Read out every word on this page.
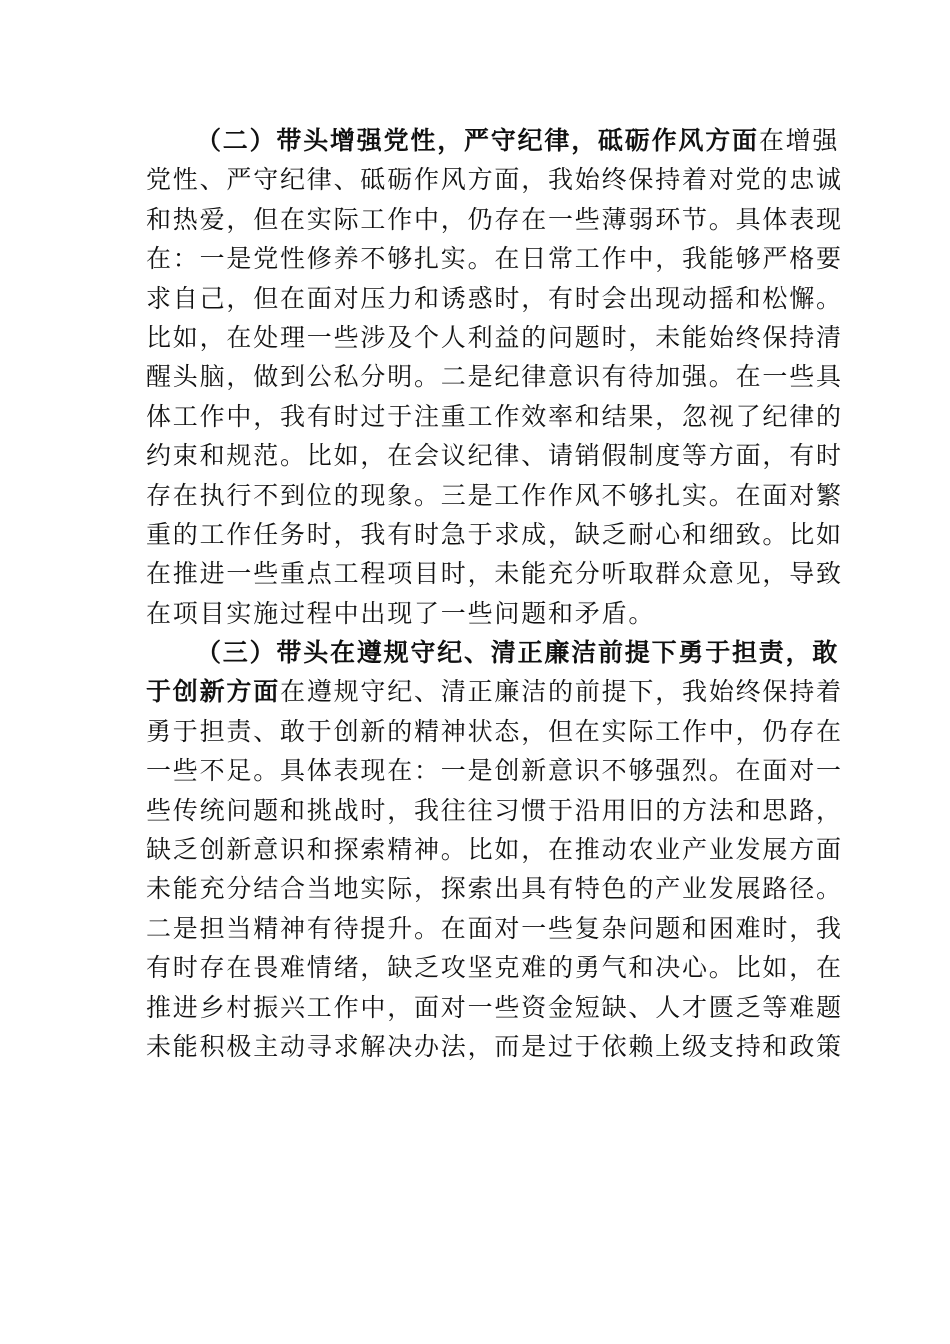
（二）带头增强党性，严守纪律，砥砺作风方面在增强
党性、严守纪律、砥砺作风方面，我始终保持着对党的忠诚
和热爱，但在实际工作中，仍存在一些薄弱环节。具体表现
在：一是党性修养不够扎实。在日常工作中，我能够严格要
求自己，但在面对压力和诱惑时，有时会出现动摇和松懈。
比如，在处理一些涉及个人利益的问题时，未能始终保持清
醒头脑，做到公私分明。二是纪律意识有待加强。在一些具
体工作中，我有时过于注重工作效率和结果，忽视了纪律的
约束和规范。比如，在会议纪律、请销假制度等方面，有时
存在执行不到位的现象。三是工作作风不够扎实。在面对繁
重的工作任务时，我有时急于求成，缺乏耐心和细致。比如
在推进一些重点工程项目时，未能充分听取群众意见，导致
在项目实施过程中出现了一些问题和矛盾。
（三）带头在遵规守纪、清正廉洁前提下勇于担责，敢
于创新方面在遵规守纪、清正廉洁的前提下，我始终保持着
勇于担责、敢于创新的精神状态，但在实际工作中，仍存在
一些不足。具体表现在：一是创新意识不够强烈。在面对一
些传统问题和挑战时，我往往习惯于沿用旧的方法和思路，
缺乏创新意识和探索精神。比如，在推动农业产业发展方面
未能充分结合当地实际，探索出具有特色的产业发展路径。
二是担当精神有待提升。在面对一些复杂问题和困难时，我
有时存在畏难情绪，缺乏攻坚克难的勇气和决心。比如，在
推进乡村振兴工作中，面对一些资金短缺、人才匮乏等难题
未能积极主动寻求解决办法，而是过于依赖上级支持和政策
